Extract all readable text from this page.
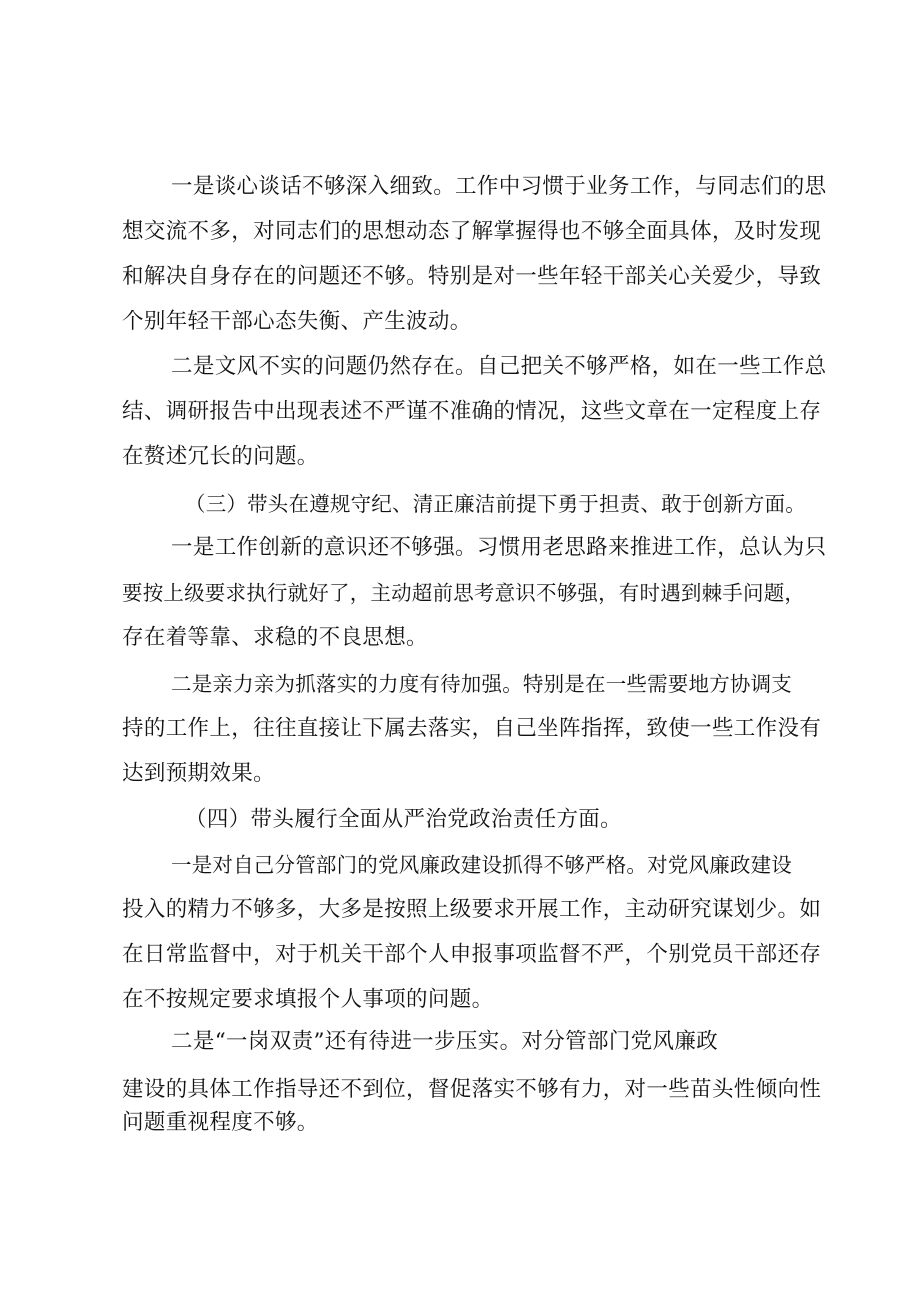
一是谈心谈话不够深入细致。工作中习惯于业务工作，与同志们的思

想交流不多，对同志们的思想动态了解掌握得也不够全面具体，及时发现

和解决自身存在的问题还不够。特别是对一些年轻干部关心关爱少，导致

个别年轻干部心态失衡、产生波动。

二是文风不实的问题仍然存在。自己把关不够严格，如在一些工作总

结、调研报告中出现表述不严谨不准确的情况，这些文章在一定程度上存

在赘述冗长的问题。

（三）带头在遵规守纪、清正廉洁前提下勇于担责、敢于创新方面。

一是工作创新的意识还不够强。习惯用老思路来推进工作，总认为只

要按上级要求执行就好了，主动超前思考意识不够强，有时遇到棘手问题，

存在着等靠、求稳的不良思想。

二是亲力亲为抓落实的力度有待加强。特别是在一些需要地方协调支

持的工作上，往往直接让下属去落实，自己坐阵指挥，致使一些工作没有

达到预期效果。

（四）带头履行全面从严治党政治责任方面。

一是对自己分管部门的党风廉政建设抓得不够严格。对党风廉政建设

投入的精力不够多，大多是按照上级要求开展工作，主动研究谋划少。如

在日常监督中，对于机关干部个人申报事项监督不严，个别党员干部还存

在不按规定要求填报个人事项的问题。

二是“一岗双责”还有待进一步压实。对分管部门党风廉政

建设的具体工作指导还不到位，督促落实不够有力，对一些苗头性倾向性

问题重视程度不够。
